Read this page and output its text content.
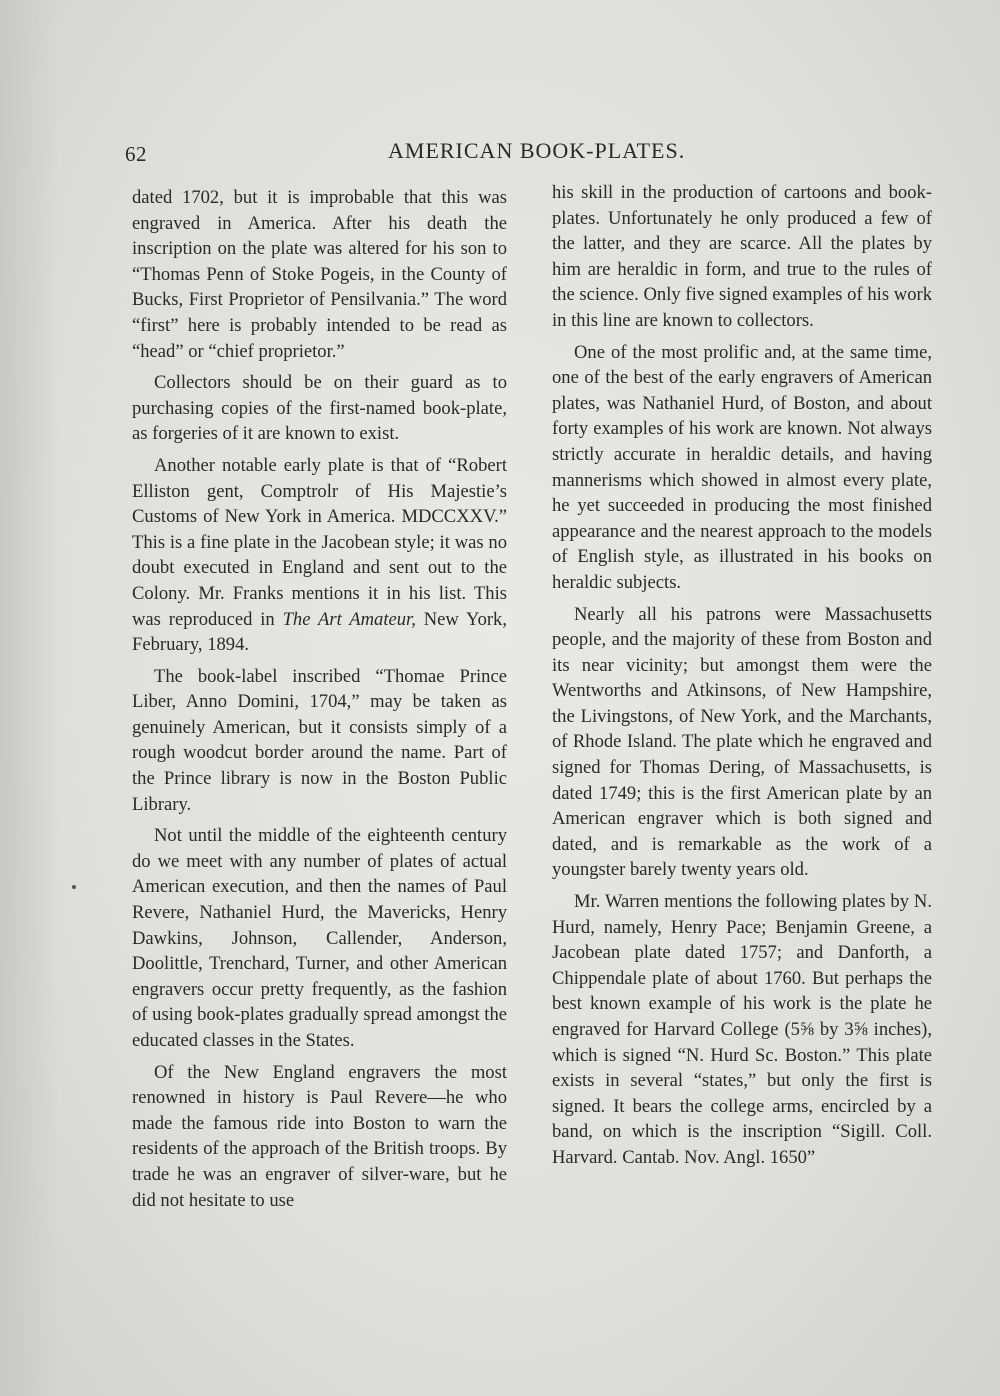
62	AMERICAN BOOK-PLATES.

dated 1702, but it is improbable that this was engraved in America. After his death the inscription on the plate was altered for his son to “Thomas Penn of Stoke Pogeis, in the County of Bucks, First Proprietor of Pensilvania.” The word “first” here is probably intended to be read as “head” or “chief proprietor.”

Collectors should be on their guard as to purchasing copies of the first-named book-plate, as forgeries of it are known to exist.

Another notable early plate is that of “Robert Elliston gent, Comptrolr of His Majestie’s Customs of New York in America. MDCCXXV.” This is a fine plate in the Jacobean style; it was no doubt executed in England and sent out to the Colony. Mr. Franks mentions it in his list. This was reproduced in The Art Amateur, New York, February, 1894.

The book-label inscribed “Thomae Prince Liber, Anno Domini, 1704,” may be taken as genuinely American, but it consists simply of a rough woodcut border around the name. Part of the Prince library is now in the Boston Public Library.

Not until the middle of the eighteenth century do we meet with any number of plates of actual American execution, and then the names of Paul Revere, Nathaniel Hurd, the Mavericks, Henry Dawkins, Johnson, Callender, Anderson, Doolittle, Trenchard, Turner, and other American engravers occur pretty frequently, as the fashion of using book-plates gradually spread amongst the educated classes in the States.

Of the New England engravers the most renowned in history is Paul Revere—he who made the famous ride into Boston to warn the residents of the approach of the British troops. By trade he was an engraver of silver-ware, but he did not hesitate to use

his skill in the production of cartoons and book-plates. Unfortunately he only produced a few of the latter, and they are scarce. All the plates by him are heraldic in form, and true to the rules of the science. Only five signed examples of his work in this line are known to collectors.

One of the most prolific and, at the same time, one of the best of the early engravers of American plates, was Nathaniel Hurd, of Boston, and about forty examples of his work are known. Not always strictly accurate in heraldic details, and having mannerisms which showed in almost every plate, he yet succeeded in producing the most finished appearance and the nearest approach to the models of English style, as illustrated in his books on heraldic subjects.

Nearly all his patrons were Massachusetts people, and the majority of these from Boston and its near vicinity; but amongst them were the Wentworths and Atkinsons, of New Hampshire, the Livingstons, of New York, and the Marchants, of Rhode Island. The plate which he engraved and signed for Thomas Dering, of Massachusetts, is dated 1749; this is the first American plate by an American engraver which is both signed and dated, and is remarkable as the work of a youngster barely twenty years old.

Mr. Warren mentions the following plates by N. Hurd, namely, Henry Pace; Benjamin Greene, a Jacobean plate dated 1757; and Danforth, a Chippendale plate of about 1760. But perhaps the best known example of his work is the plate he engraved for Harvard College (5⅝ by 3⅝ inches), which is signed “N. Hurd Sc. Boston.” This plate exists in several “states,” but only the first is signed. It bears the college arms, encircled by a band, on which is the inscription “Sigill. Coll. Harvard. Cantab. Nov. Angl. 1650”
